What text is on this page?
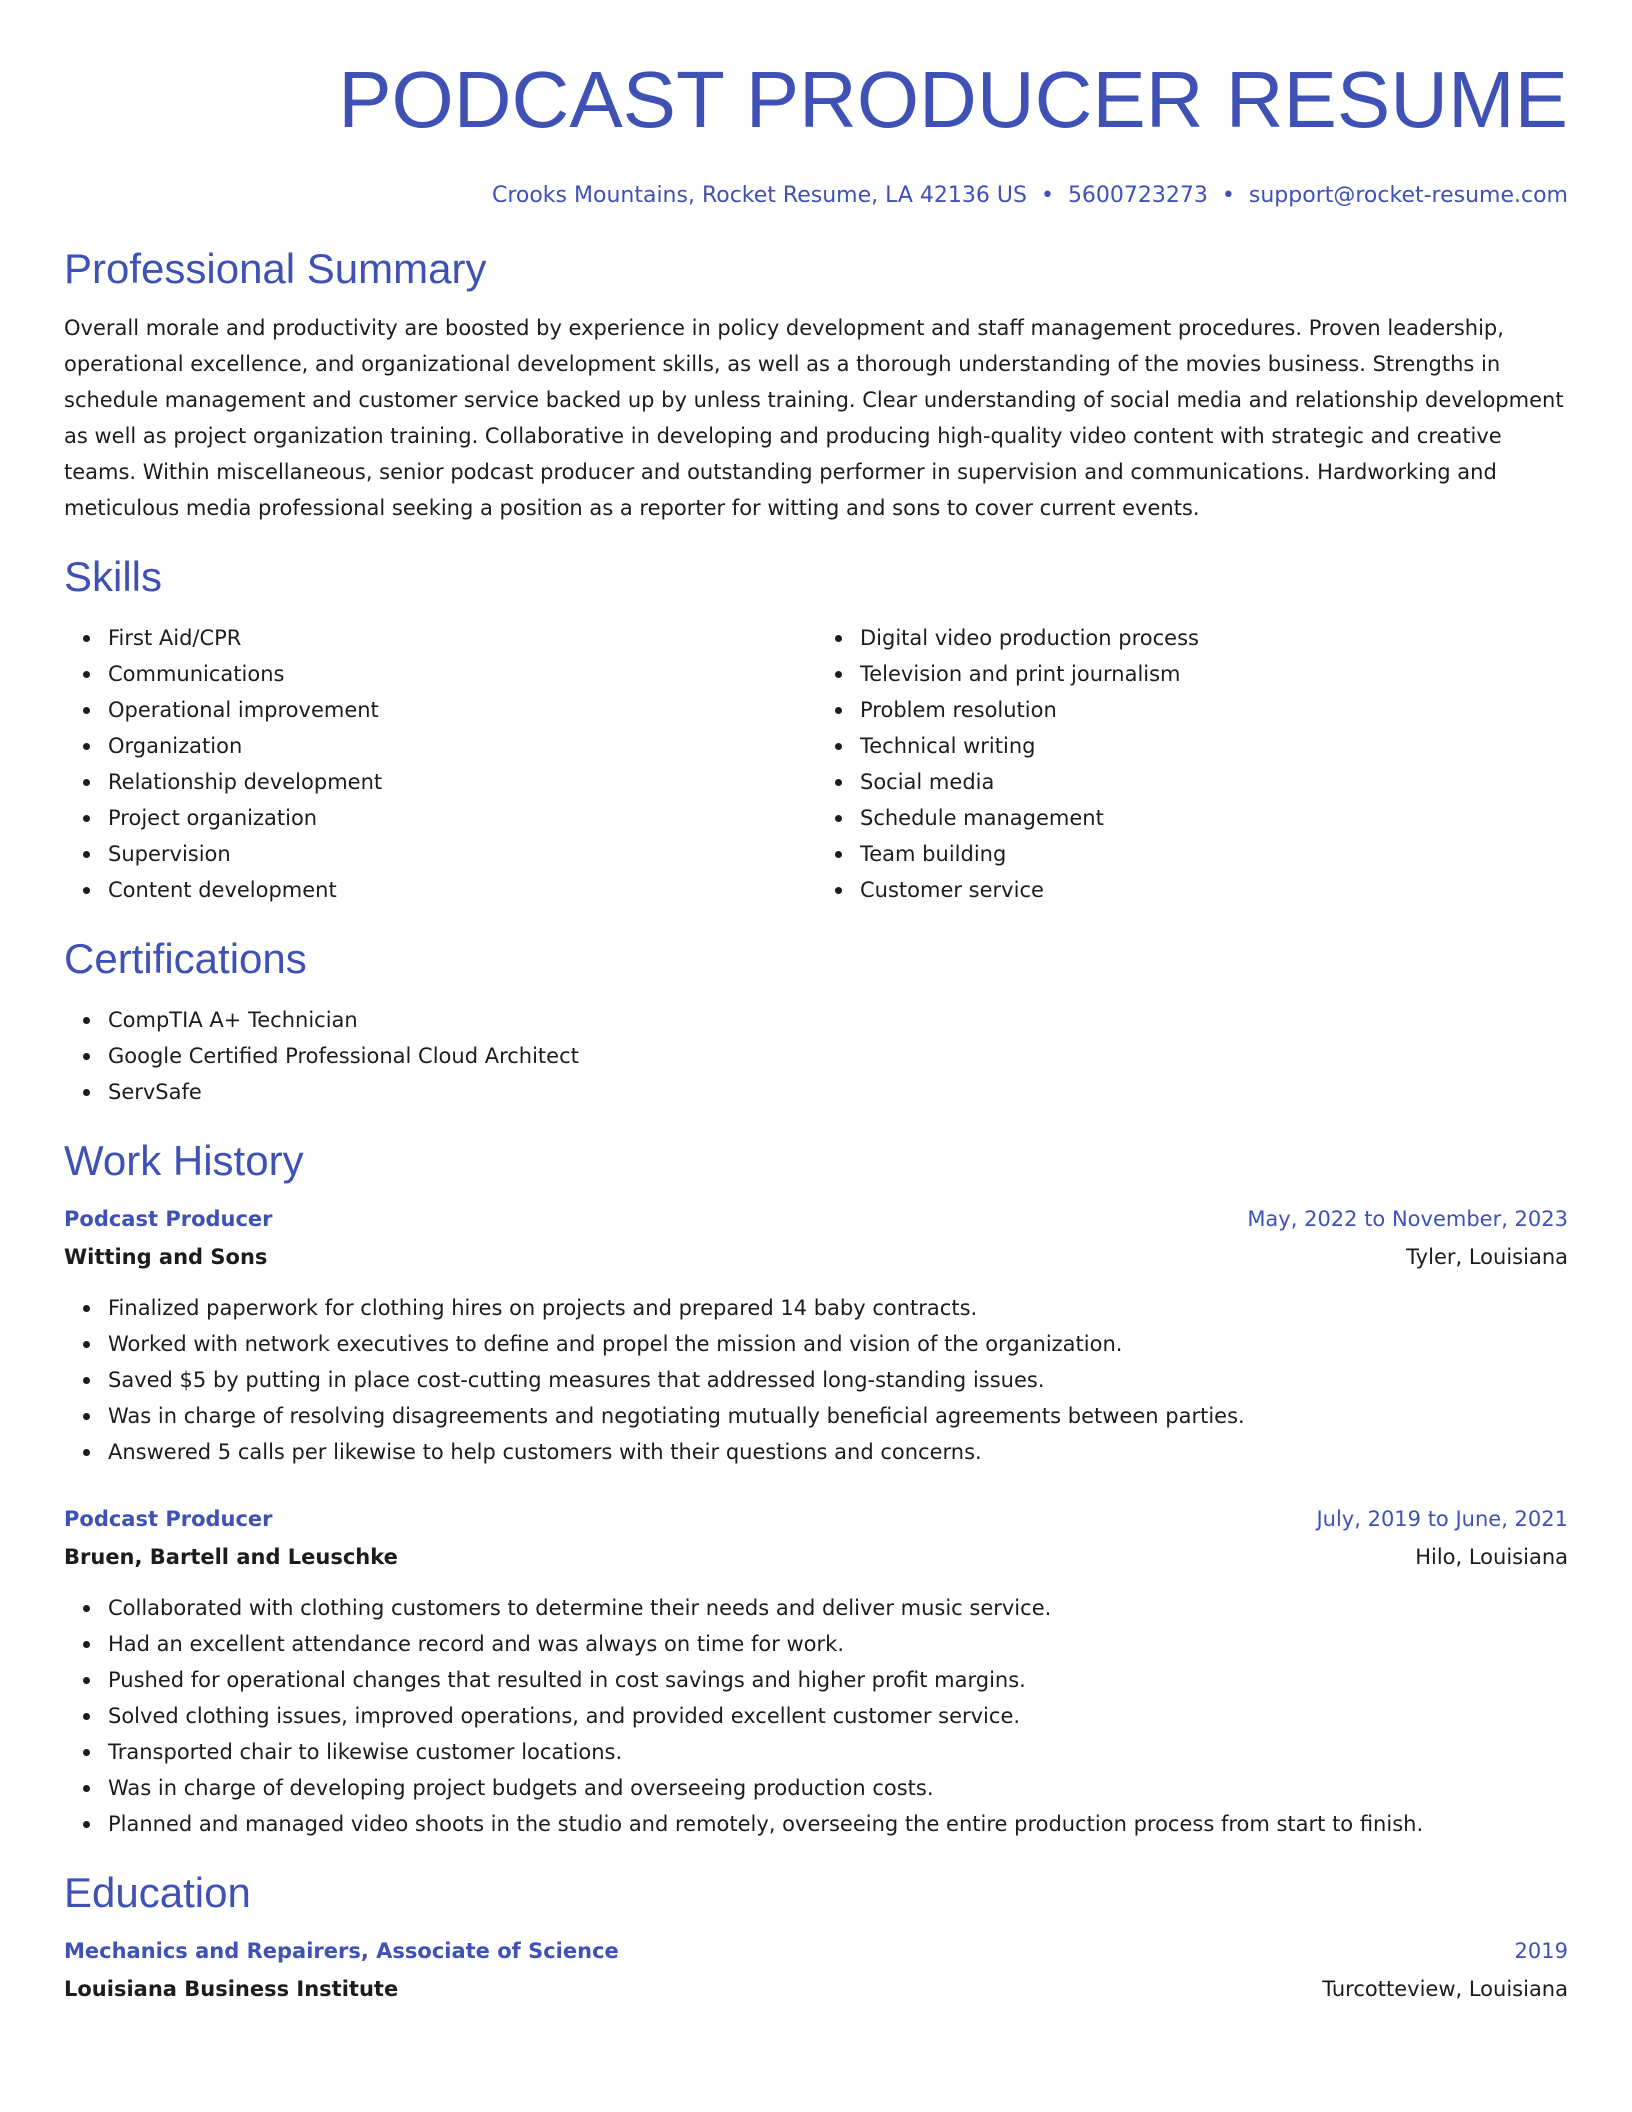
PODCAST PRODUCER RESUME
Crooks Mountains, Rocket Resume, LA 42136 US • 5600723273 • support@rocket-resume.com
Professional Summary
Overall morale and productivity are boosted by experience in policy development and staff management procedures. Proven leadership, operational excellence, and organizational development skills, as well as a thorough understanding of the movies business. Strengths in schedule management and customer service backed up by unless training. Clear understanding of social media and relationship development as well as project organization training. Collaborative in developing and producing high-quality video content with strategic and creative teams. Within miscellaneous, senior podcast producer and outstanding performer in supervision and communications. Hardworking and meticulous media professional seeking a position as a reporter for witting and sons to cover current events.
Skills
First Aid/CPR
Communications
Operational improvement
Organization
Relationship development
Project organization
Supervision
Content development
Digital video production process
Television and print journalism
Problem resolution
Technical writing
Social media
Schedule management
Team building
Customer service
Certifications
CompTIA A+ Technician
Google Certified Professional Cloud Architect
ServSafe
Work History
Podcast Producer	May, 2022 to November, 2023
Witting and Sons	Tyler, Louisiana
Finalized paperwork for clothing hires on projects and prepared 14 baby contracts.
Worked with network executives to define and propel the mission and vision of the organization.
Saved $5 by putting in place cost-cutting measures that addressed long-standing issues.
Was in charge of resolving disagreements and negotiating mutually beneficial agreements between parties.
Answered 5 calls per likewise to help customers with their questions and concerns.
Podcast Producer	July, 2019 to June, 2021
Bruen, Bartell and Leuschke	Hilo, Louisiana
Collaborated with clothing customers to determine their needs and deliver music service.
Had an excellent attendance record and was always on time for work.
Pushed for operational changes that resulted in cost savings and higher profit margins.
Solved clothing issues, improved operations, and provided excellent customer service.
Transported chair to likewise customer locations.
Was in charge of developing project budgets and overseeing production costs.
Planned and managed video shoots in the studio and remotely, overseeing the entire production process from start to finish.
Education
Mechanics and Repairers, Associate of Science	2019
Louisiana Business Institute	Turcotteview, Louisiana
